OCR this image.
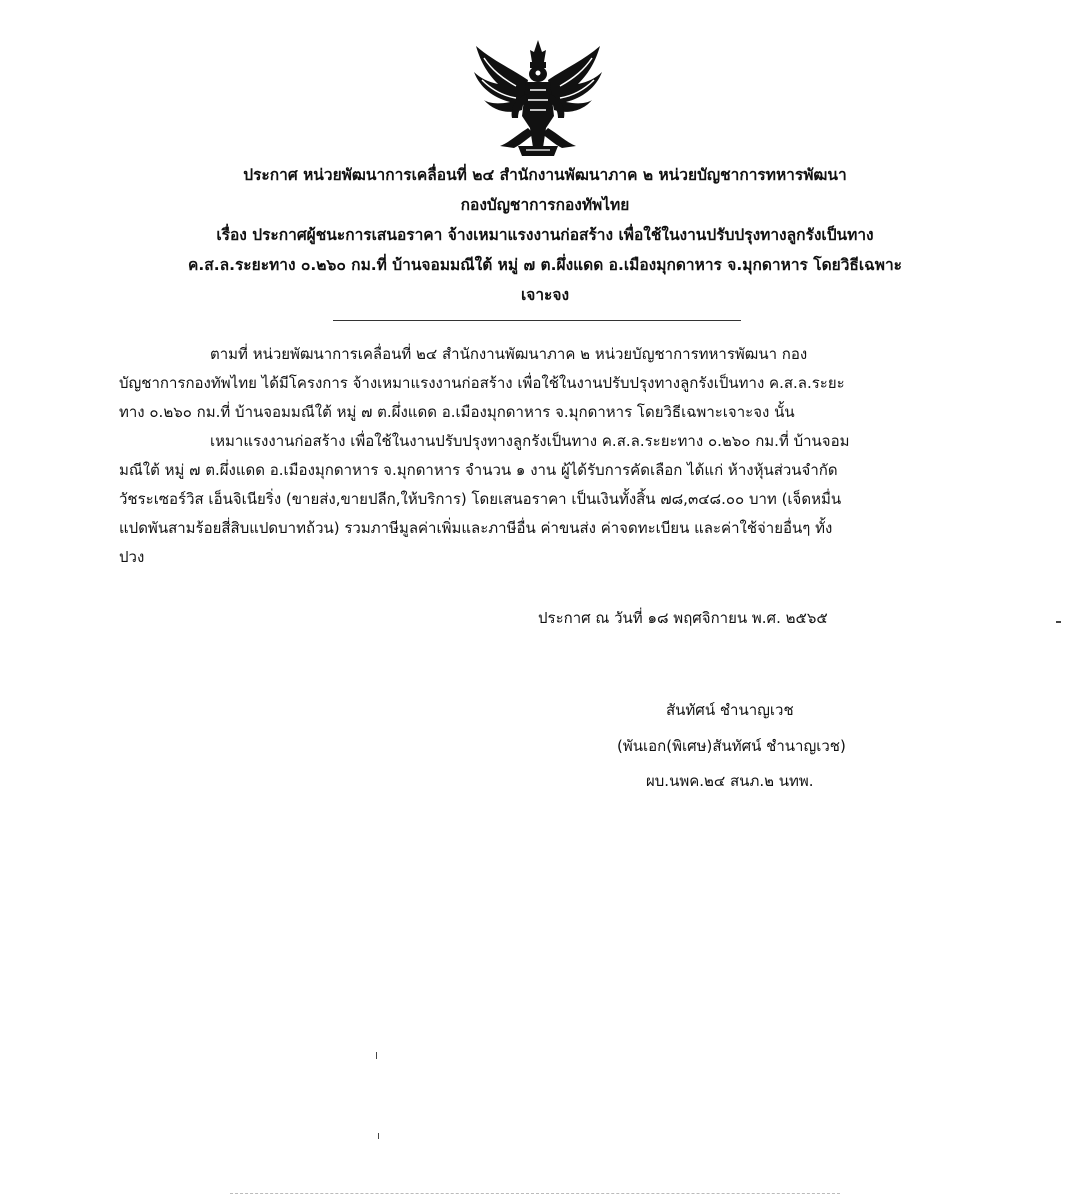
ประกาศ หน่วยพัฒนาการเคลื่อนที่ ๒๔ สำนักงานพัฒนาภาค ๒ หน่วยบัญชาการทหารพัฒนา
กองบัญชาการกองทัพไทย
เรื่อง ประกาศผู้ชนะการเสนอราคา จ้างเหมาแรงงานก่อสร้าง เพื่อใช้ในงานปรับปรุงทางลูกรังเป็นทาง
ค.ส.ล.ระยะทาง ๐.๒๖๐ กม.ที่ บ้านจอมมณีใต้ หมู่ ๗ ต.ผึ่งแดด อ.เมืองมุกดาหาร จ.มุกดาหาร โดยวิธีเฉพาะ
เจาะจง
ตามที่ หน่วยพัฒนาการเคลื่อนที่ ๒๔ สำนักงานพัฒนาภาค ๒ หน่วยบัญชาการทหารพัฒนา กอง
บัญชาการกองทัพไทย ได้มีโครงการ จ้างเหมาแรงงานก่อสร้าง เพื่อใช้ในงานปรับปรุงทางลูกรังเป็นทาง ค.ส.ล.ระยะ
ทาง ๐.๒๖๐ กม.ที่ บ้านจอมมณีใต้ หมู่ ๗ ต.ผึ่งแดด อ.เมืองมุกดาหาร จ.มุกดาหาร โดยวิธีเฉพาะเจาะจง นั้น
เหมาแรงงานก่อสร้าง เพื่อใช้ในงานปรับปรุงทางลูกรังเป็นทาง ค.ส.ล.ระยะทาง ๐.๒๖๐ กม.ที่ บ้านจอม
มณีใต้ หมู่ ๗ ต.ผึ่งแดด อ.เมืองมุกดาหาร จ.มุกดาหาร จำนวน ๑ งาน ผู้ได้รับการคัดเลือก ได้แก่ ห้างหุ้นส่วนจำกัด
วัชระเซอร์วิส เอ็นจิเนียริ่ง (ขายส่ง,ขายปลีก,ให้บริการ) โดยเสนอราคา เป็นเงินทั้งสิ้น ๗๘,๓๔๘.๐๐ บาท (เจ็ดหมื่น
แปดพันสามร้อยสี่สิบแปดบาทถ้วน) รวมภาษีมูลค่าเพิ่มและภาษีอื่น ค่าขนส่ง ค่าจดทะเบียน และค่าใช้จ่ายอื่นๆ ทั้ง
ปวง
ประกาศ ณ วันที่ ๑๘ พฤศจิกายน พ.ศ. ๒๕๖๕
สันทัศน์ ชำนาญเวช
(พันเอก(พิเศษ)สันทัศน์ ชำนาญเวช)
ผบ.นพค.๒๔ สนภ.๒ นทพ.
